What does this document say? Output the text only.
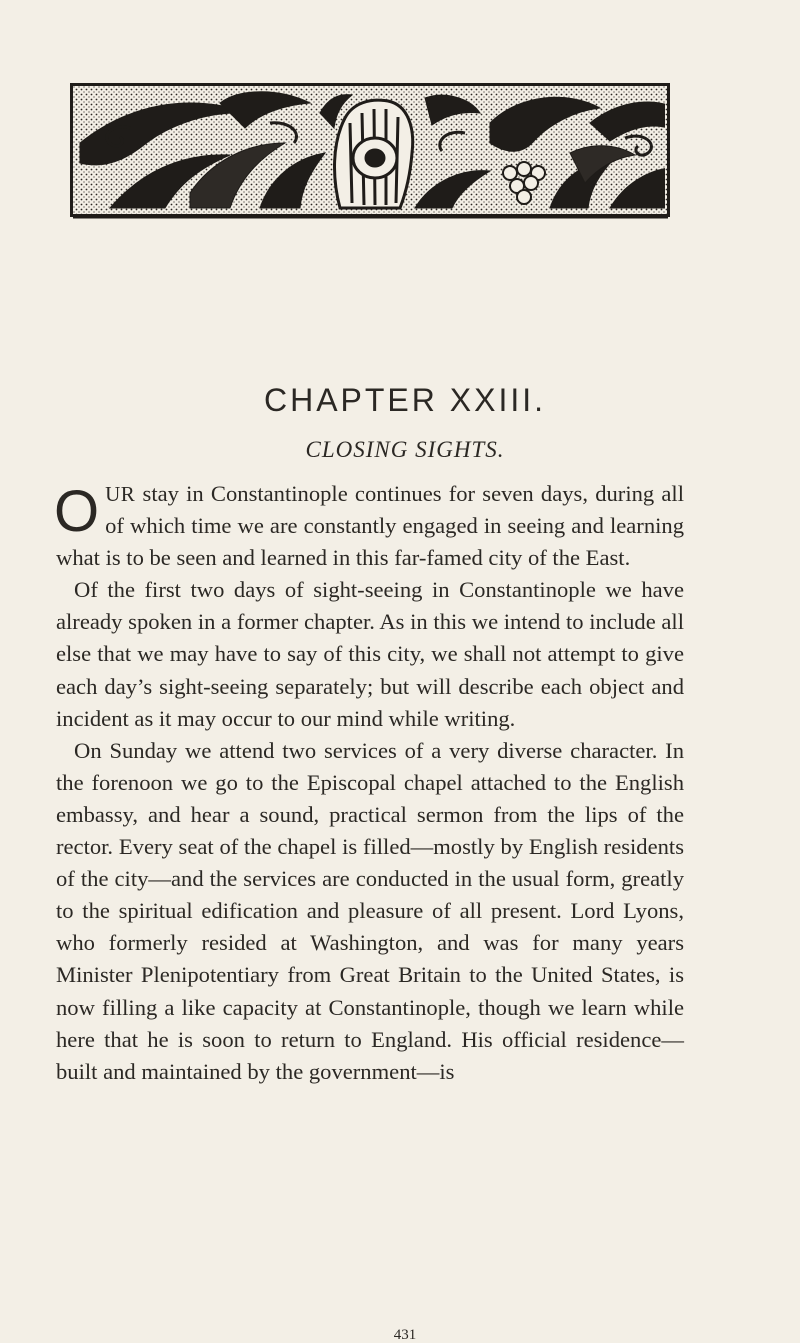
CHAPTER XXIII.
CLOSING SIGHTS.

OUR stay in Constantinople continues for seven days, during all of which time we are constantly engaged in seeing and learning what is to be seen and learned in this far-famed city of the East.

Of the first two days of sight-seeing in Constantinople we have already spoken in a former chapter. As in this we intend to include all else that we may have to say of this city, we shall not attempt to give each day’s sight-seeing separately; but will describe each object and incident as it may occur to our mind while writing.

On Sunday we attend two services of a very diverse character. In the forenoon we go to the Episcopal chapel attached to the English embassy, and hear a sound, practical sermon from the lips of the rector. Every seat of the chapel is filled—mostly by English residents of the city—and the services are conducted in the usual form, greatly to the spiritual edification and pleasure of all present. Lord Lyons, who formerly resided at Washington, and was for many years Minister Plenipotentiary from Great Britain to the United States, is now filling a like capacity at Constantinople, though we learn while here that he is soon to return to England. His official residence—built and maintained by the government—is

431
